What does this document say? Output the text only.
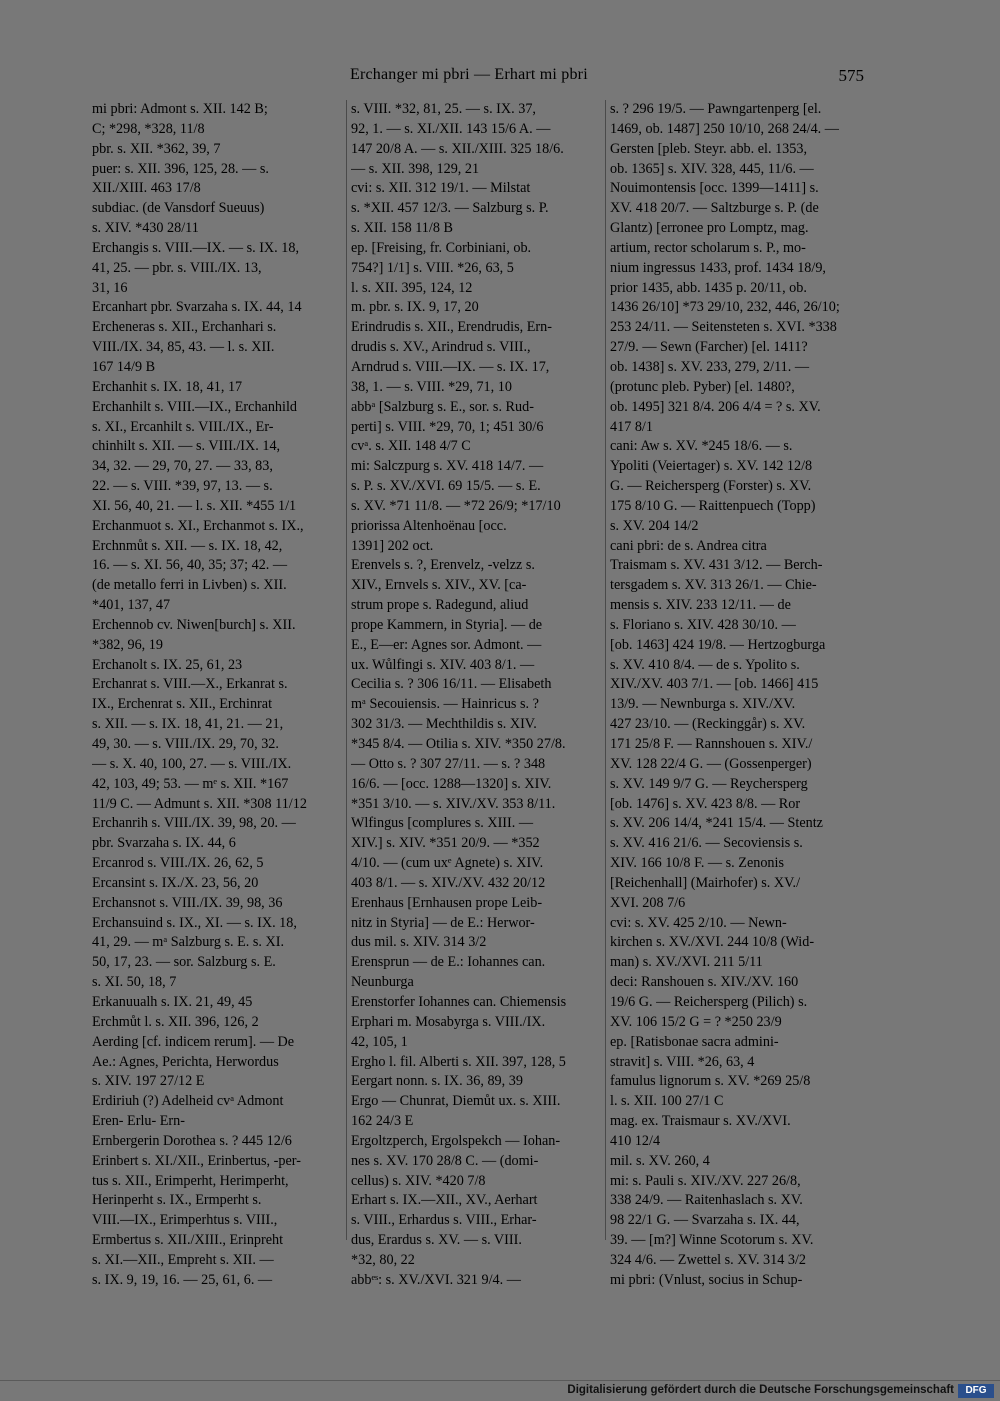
Erchanger mi pbri — Erhart mi pbri	575
mi pbri: Admont s. XII. 142 B;
C; *298, *328, 11/8
pbr. s. XII. *362, 39, 7
puer: s. XII. 396, 125, 28. — s.
XII./XIII. 463 17/8
subdiac. (de Vansdorf Sueuus)
s. XIV. *430 28/11
Erchangis s. VIII.—IX. — s. IX. 18,
41, 25. — pbr. s. VIII./IX. 13,
31, 16
Ercanhart pbr. Svarzaha s. IX. 44, 14
Ercheneras s. XII., Erchanhari s.
VIII./IX. 34, 85, 43. — l. s. XII.
167 14/9 B
Erchanhit s. IX. 18, 41, 17
Erchanhilt s. VIII.—IX., Erchanhild
s. XI., Ercanhilt s. VIII./IX., Er-
chinhilt s. XII. — s. VIII./IX. 14,
34, 32. — 29, 70, 27. — 33, 83,
22. — s. VIII. *39, 97, 13. — s.
XI. 56, 40, 21. — l. s. XII. *455 1/1
Erchanmuot s. XI., Erchanmot s. IX.,
Erchnmůt s. XII. — s. IX. 18, 42,
16. — s. XI. 56, 40, 35; 37; 42. —
(de metallo ferri in Livben) s. XII.
*401, 137, 47
Erchennob cv. Niwen[burch] s. XII.
*382, 96, 19
Erchanolt s. IX. 25, 61, 23
Erchanrat s. VIII.—X., Erkanrat s.
IX., Erchenrat s. XII., Erchinrat
s. XII. — s. IX. 18, 41, 21. — 21,
49, 30. — s. VIII./IX. 29, 70, 32.
— s. X. 40, 100, 27. — s. VIII./IX.
42, 103, 49; 53. — mᵉ s. XII. *167
11/9 C. — Admunt s. XII. *308 11/12
Erchanrih s. VIII./IX. 39, 98, 20. —
pbr. Svarzaha s. IX. 44, 6
Ercanrod s. VIII./IX. 26, 62, 5
Ercansint s. IX./X. 23, 56, 20
Erchansnot s. VIII./IX. 39, 98, 36
Erchansuind s. IX., XI. — s. IX. 18,
41, 29. — mᵃ Salzburg s. E. s. XI.
50, 17, 23. — sor. Salzburg s. E.
s. XI. 50, 18, 7
Erkanuualh s. IX. 21, 49, 45
Erchmůt l. s. XII. 396, 126, 2
Aerding [cf. indicem rerum]. — De
Ae.: Agnes, Perichta, Herwordus
s. XIV. 197 27/12 E
Erdiriuh (?) Adelheid cvᵃ Admont
Eren- Erlu- Ern-
Ernbergerin Dorothea s. ? 445 12/6
Erinbert s. XI./XII., Erinbertus, -per-
tus s. XII., Erimperht, Herimperht,
Herinperht s. IX., Ermperht s.
VIII.—IX., Erimperhtus s. VIII.,
Ermbertus s. XII./XIII., Erinpreht
s. XI.—XII., Empreht s. XII. —
s. IX. 9, 19, 16. — 25, 61, 6. —
s. VIII. *32, 81, 25. — s. IX. 37,
92, 1. — s. XI./XII. 143 15/6 A. —
147 20/8 A. — s. XII./XIII. 325 18/6.
— s. XII. 398, 129, 21
cvi: s. XII. 312 19/1. — Milstat
s. *XII. 457 12/3. — Salzburg s. P.
s. XII. 158 11/8 B
ep. [Freising, fr. Corbiniani, ob.
754?] 1/1] s. VIII. *26, 63, 5
l. s. XII. 395, 124, 12
m. pbr. s. IX. 9, 17, 20
Erindrudis s. XII., Erendrudis, Ern-
drudis s. XV., Arindrud s. VIII.,
Arndrud s. VIII.—IX. — s. IX. 17,
38, 1. — s. VIII. *29, 71, 10
abbᵃ [Salzburg s. E., sor. s. Rud-
perti] s. VIII. *29, 70, 1; 451 30/6
cvᵃ. s. XII. 148 4/7 C
mi: Salczpurg s. XV. 418 14/7. —
s. P. s. XV./XVI. 69 15/5. — s. E.
s. XV. *71 11/8. — *72 26/9; *17/10
priorissa Altenhoënau [occ.
1391] 202 oct.
Erenvels s. ?, Erenvelz, -velzz s.
XIV., Ernvels s. XIV., XV. [ca-
strum prope s. Radegund, aliud
prope Kammern, in Styria]. — de
E., E—er: Agnes sor. Admont. —
ux. Wůlfingi s. XIV. 403 8/1. —
Cecilia s. ? 306 16/11. — Elisabeth
mᵃ Secouiensis. — Hainricus s. ?
302 31/3. — Mechthildis s. XIV.
*345 8/4. — Otilia s. XIV. *350 27/8.
— Otto s. ? 307 27/11. — s. ? 348
16/6. — [occ. 1288—1320] s. XIV.
*351 3/10. — s. XIV./XV. 353 8/11.
Wlfingus [complures s. XIII. —
XIV.] s. XIV. *351 20/9. — *352
4/10. — (cum uxᵉ Agnete) s. XIV.
403 8/1. — s. XIV./XV. 432 20/12
Erenhaus [Ernhausen prope Leib-
nitz in Styria] — de E.: Herwor-
dus mil. s. XIV. 314 3/2
Erensprun — de E.: Iohannes can.
Neunburga
Erenstorfer Iohannes can. Chiemensis
Erphari m. Mosabyrga s. VIII./IX.
42, 105, 1
Ergho l. fil. Alberti s. XII. 397, 128, 5
Eergart nonn. s. IX. 36, 89, 39
Ergo — Chunrat, Diemůt ux. s. XIII.
162 24/3 E
Ergoltzperch, Ergolspekch — Iohan-
nes s. XV. 170 28/8 C. — (domi-
cellus) s. XIV. *420 7/8
Erhart s. IX.—XII., XV., Aerhart
s. VIII., Erhardus s. VIII., Erhar-
dus, Erardus s. XV. — s. VIII.
*32, 80, 22
abbᵉˢ: s. XV./XVI. 321 9/4. —
s. ? 296 19/5. — Pawngartenperg [el.
1469, ob. 1487] 250 10/10, 268 24/4. —
Gersten [pleb. Steyr. abb. el. 1353,
ob. 1365] s. XIV. 328, 445, 11/6. —
Nouimontensis [occ. 1399—1411] s.
XV. 418 20/7. — Saltzburge s. P. (de
Glantz) [erronee pro Lomptz, mag.
artium, rector scholarum s. P., mo-
nium ingressus 1433, prof. 1434 18/9,
prior 1435, abb. 1435 p. 20/11, ob.
1436 26/10] *73 29/10, 232, 446, 26/10;
253 24/11. — Seitensteten s. XVI. *338
27/9. — Sewn (Farcher) [el. 1411?
ob. 1438] s. XV. 233, 279, 2/11. —
(protunc pleb. Pyber) [el. 1480?,
ob. 1495] 321 8/4. 206 4/4 = ? s. XV.
417 8/1
cani: Aw s. XV. *245 18/6. — s.
Ypoliti (Veiertager) s. XV. 142 12/8
G. — Reichersperg (Forster) s. XV.
175 8/10 G. — Raittenpuech (Topp)
s. XV. 204 14/2
cani pbri: de s. Andrea citra
Traismam s. XV. 431 3/12. — Berch-
tersgadem s. XV. 313 26/1. — Chie-
mensis s. XIV. 233 12/11. — de
s. Floriano s. XIV. 428 30/10. —
[ob. 1463] 424 19/8. — Hertzogburga
s. XV. 410 8/4. — de s. Ypolito s.
XIV./XV. 403 7/1. — [ob. 1466] 415
13/9. — Newnburga s. XIV./XV.
427 23/10. — (Reckinggår) s. XV.
171 25/8 F. — Rannshouen s. XIV./
XV. 128 22/4 G. — (Gossenperger)
s. XV. 149 9/7 G. — Reychersperg
[ob. 1476] s. XV. 423 8/8. — Ror
s. XV. 206 14/4, *241 15/4. — Stentz
s. XV. 416 21/6. — Secoviensis s.
XIV. 166 10/8 F. — s. Zenonis
[Reichenhall] (Mairhofer) s. XV./
XVI. 208 7/6
cvi: s. XV. 425 2/10. — Newn-
kirchen s. XV./XVI. 244 10/8 (Wid-
man) s. XV./XVI. 211 5/11
deci: Ranshouen s. XIV./XV. 160
19/6 G. — Reichersperg (Pilich) s.
XV. 106 15/2 G = ? *250 23/9
ep. [Ratisbonae sacra admini-
stravit] s. VIII. *26, 63, 4
famulus lignorum s. XV. *269 25/8
l. s. XII. 100 27/1 C
mag. ex. Traismaur s. XV./XVI.
410 12/4
mil. s. XV. 260, 4
mi: s. Pauli s. XIV./XV. 227 26/8,
338 24/9. — Raitenhaslach s. XV.
98 22/1 G. — Svarzaha s. IX. 44,
39. — [m?] Winne Scotorum s. XV.
324 4/6. — Zwettel s. XV. 314 3/2
mi pbri: (Vnlust, socius in Schup-
Digitalisierung gefördert durch die Deutsche Forschungsgemeinschaft	DFG
